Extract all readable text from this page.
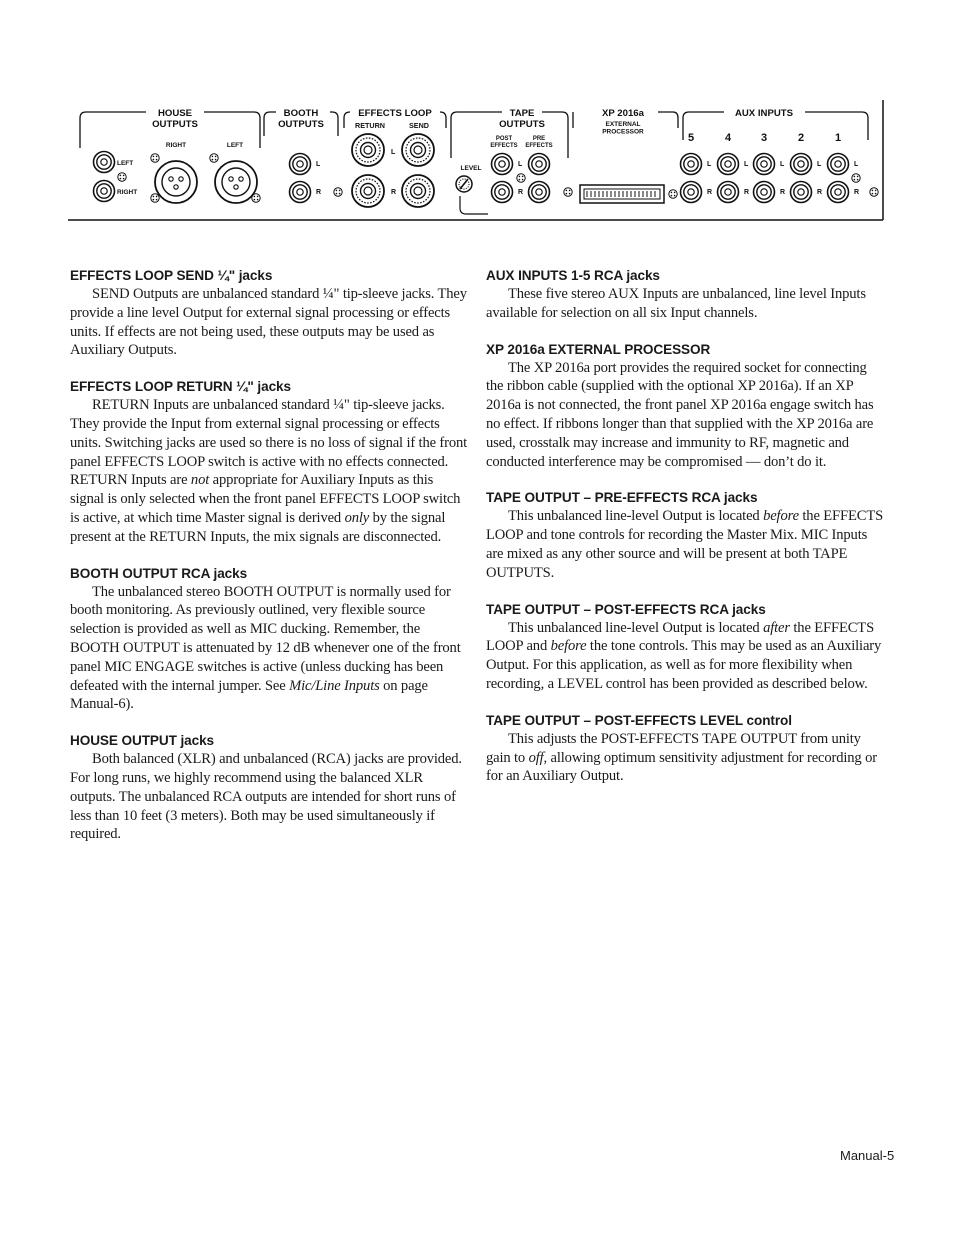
HOUSE OUTPUTS
RIGHT	LEFT
LEFT
RIGHT
BOOTH OUTPUTS
L
R
EFFECTS LOOP
RETURN	SEND
L
R
TAPE OUTPUTS
POST EFFECTS
PRE EFFECTS
L
R
LEVEL
XP 2016a
EXTERNAL PROCESSOR
AUX INPUTS
5	4	3	2	1
L	L	L	L	L
R	R	R	R	R
EFFECTS LOOP SEND ¼" jacks

SEND Outputs are unbalanced standard ¼" tip-sleeve jacks. They provide a line level Output for external signal processing or effects units. If effects are not being used, these outputs may be used as Auxiliary Outputs.

EFFECTS LOOP RETURN ¼" jacks

RETURN Inputs are unbalanced standard ¼" tip-sleeve jacks. They provide the Input from external signal processing or effects units. Switching jacks are used so there is no loss of signal if the front panel EFFECTS LOOP switch is active with no effects connected. RETURN Inputs are not appropriate for Auxiliary Inputs as this signal is only selected when the front panel EFFECTS LOOP switch is active, at which time Master signal is derived only by the signal present at the RETURN Inputs, the mix signals are disconnected.

BOOTH OUTPUT RCA jacks

The unbalanced stereo BOOTH OUTPUT is normally used for booth monitoring. As previously outlined, very flexible source selection is provided as well as MIC ducking. Remember, the BOOTH OUTPUT is attenuated by 12 dB whenever one of the front panel MIC ENGAGE switches is active (unless ducking has been defeated with the internal jumper. See Mic/Line Inputs on page Manual-6).

HOUSE OUTPUT jacks

Both balanced (XLR) and unbalanced (RCA) jacks are provided. For long runs, we highly recommend using the balanced XLR outputs. The unbalanced RCA outputs are intended for short runs of less than 10 feet (3 meters). Both may be used simultaneously if required.

AUX INPUTS 1-5 RCA jacks

These five stereo AUX Inputs are unbalanced, line level Inputs available for selection on all six Input channels.

XP 2016a EXTERNAL PROCESSOR

The XP 2016a port provides the required socket for connecting the ribbon cable (supplied with the optional XP 2016a). If an XP 2016a is not connected, the front panel XP 2016a engage switch has no effect. If ribbons longer than that supplied with the XP 2016a are used, crosstalk may increase and immunity to RF, magnetic and conducted interference may be compromised — don’t do it.

TAPE OUTPUT – PRE-EFFECTS RCA jacks

This unbalanced line-level Output is located before the EFFECTS LOOP and tone controls for recording the Master Mix. MIC Inputs are mixed as any other source and will be present at both TAPE OUTPUTS.

TAPE OUTPUT – POST-EFFECTS RCA jacks

This unbalanced line-level Output is located after the EFFECTS LOOP and before the tone controls. This may be used as an Auxiliary Output. For this application, as well as for more flexibility when recording, a LEVEL control has been provided as described below.

TAPE OUTPUT – POST-EFFECTS LEVEL control

This adjusts the POST-EFFECTS TAPE OUTPUT from unity gain to off, allowing optimum sensitivity adjustment for recording or for an Auxiliary Output.

Manual-5
